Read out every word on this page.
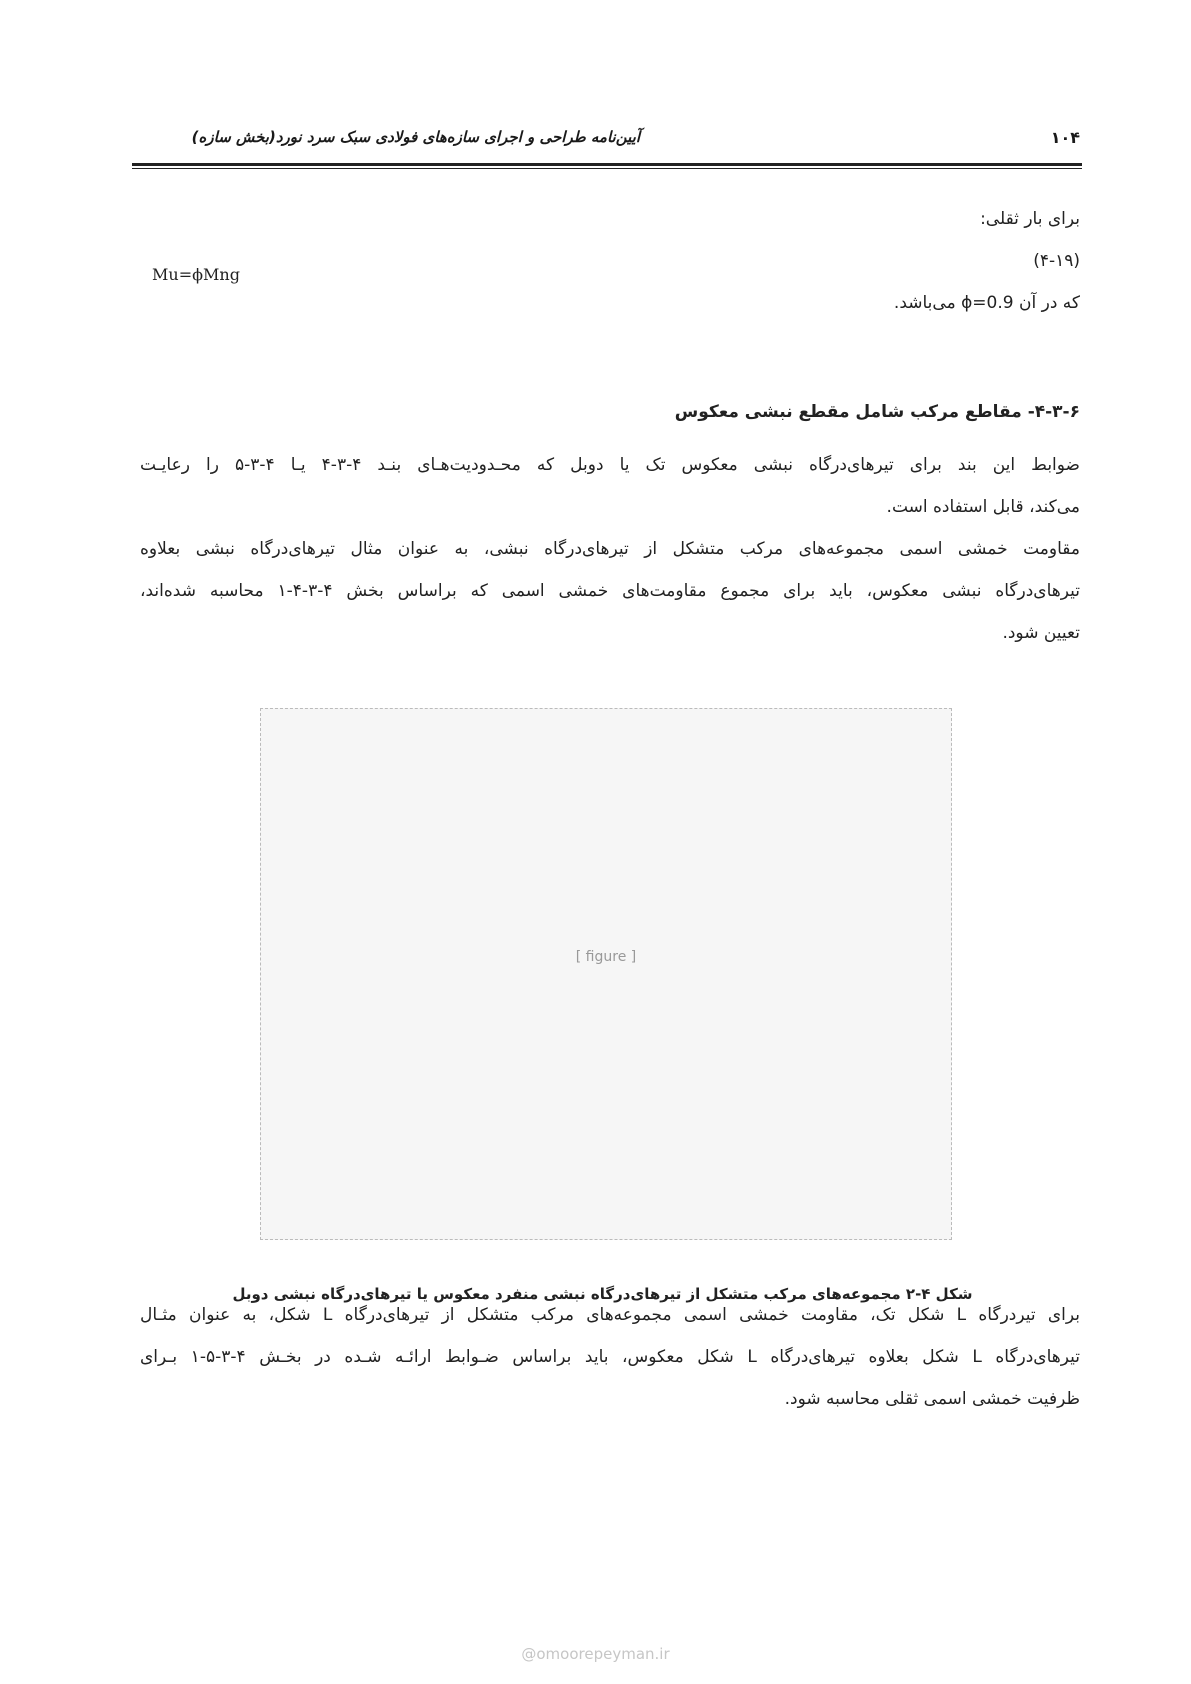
آیین‌نامه طراحی و اجرای سازه‌های فولادی سبک سرد نورد(بخش سازه)	۱۰۴
برای بار ثقلی:
(۴-۱۹)
Mu=ϕMng
که در آن ϕ=0.9 می‌باشد.
۴-۳-۶- مقاطع مرکب شامل مقطع نبشی معکوس
ضوابط این بند برای تیرهای‌درگاه نبشی معکوس تک یا دوبل که محـدودیت‌هـای بنـد ۴-۳-۴ یـا ۴-۳-۵ را رعایـت
می‌کند، قابل استفاده است.
مقاومت خمشی اسمی مجموعه‌های مرکب متشکل از تیرهای‌درگاه نبشی، به عنوان مثال تیرهای‌درگاه نبشی بعلاوه
تیرهای‌درگاه نبشی معکوس، باید برای مجموع مقاومت‌های خمشی اسمی که براساس بخش ۴-۳-۴-۱ محاسبه شده‌اند،
تعیین شود.
[ figure ]
شکل ۴-۲ مجموعه‌های مرکب متشکل از تیرهای‌درگاه نبشی منفرد معکوس یا تیرهای‌درگاه نبشی دوبل
برای تیردرگاه L شکل تک، مقاومت خمشی اسمی مجموعه‌های مرکب متشکل از تیرهای‌درگاه L شکل، به عنوان مثـال
تیرهای‌درگاه L شکل بعلاوه تیرهای‌درگاه L شکل معکوس، باید براساس ضـوابط ارائـه شـده در بخـش ۴-۳-۵-۱ بـرای
ظرفیت خمشی اسمی ثقلی محاسبه شود.
@omoorepeyman.ir
